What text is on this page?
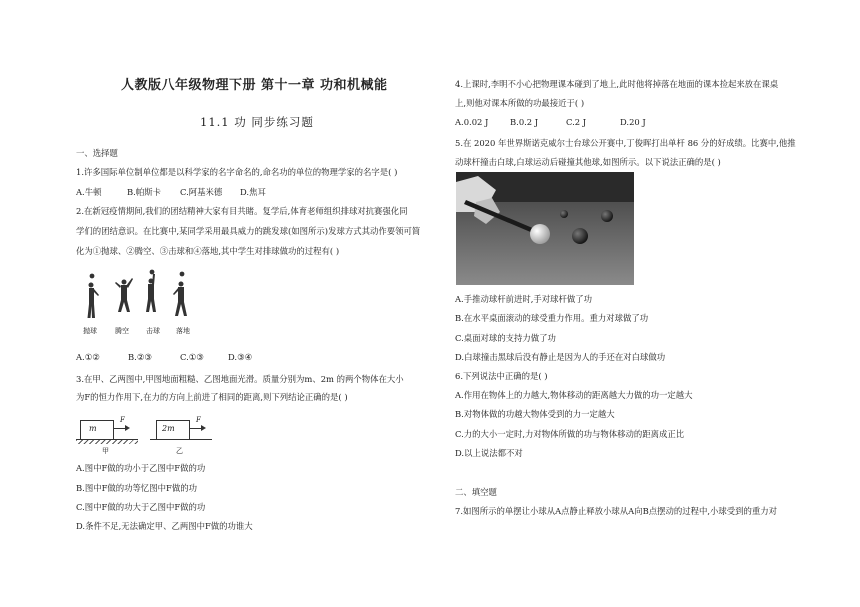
人教版八年级物理下册 第十一章 功和机械能
11.1 功 同步练习题
一、选择题
1.许多国际单位制单位都是以科学家的名字命名的,命名功的单位的物理学家的名字是( )
A.牛顿	B.帕斯卡 C.阿基米德 D.焦耳
2.在新冠疫情期间,我们的团结精神大家有目共睹。复学后,体育老师组织排球对抗赛强化同
学们的团结意识。在比赛中,某同学采用最具威力的跳发球(如图所示)发球方式其动作要领可简
化为①抛球、②腾空、③击球和④落地,其中学生对排球做功的过程有( )
抛球	腾空 击球 落地
A.①②	B.②③	C.①③	D.③④
3.在甲、乙两图中,甲图地面粗糙、乙图地面光滑。质量分别为m、2m 的两个物体在大小
为F的恒力作用下,在力的方向上前进了相同的距离,则下列结论正确的是( )
m
F
甲
2m
F
乙
A.图中F做的功小于乙图中F做的功
B.图中F做的功等忆图中F做的功
C.图中F做的功大于乙图中F做的功
D.条件不足,无法确定甲、乙两图中F做的功谁大
4.上课时,李明不小心把物理课本碰到了地上,此时他将掉落在地面的课本捡起来放在课桌
上,则他对课本所做的功最接近于( )
A.0.02 J	B.0.2 J	C.2 J	D.20 J
5.在 2020 年世界斯诺克威尔士台球公开赛中,丁俊晖打出单杆 86 分的好成绩。比赛中,他推
动球杆撞击白球,白球运动后碰撞其他球,如图所示。以下说法正确的是( )
A.手推动球杆前进时,手对球杆做了功
B.在水平桌面滚动的球受重力作用。重力对球做了功
C.桌面对球的支持力做了功
D.白球撞击黑球后没有静止是因为人的手还在对白球做功
6.下列说法中正确的是( )
A.作用在物体上的力越大,物体移动的距离越大力做的功一定越大
B.对物体做的功越大物体受到的力一定越大
C.力的大小一定时,力对物体所做的功与物体移动的距离成正比
D.以上说法都不对
二、填空题
7.如图所示的单摆让小球从A点静止释放小球从A向B点摆动的过程中,小球受到的重力对
